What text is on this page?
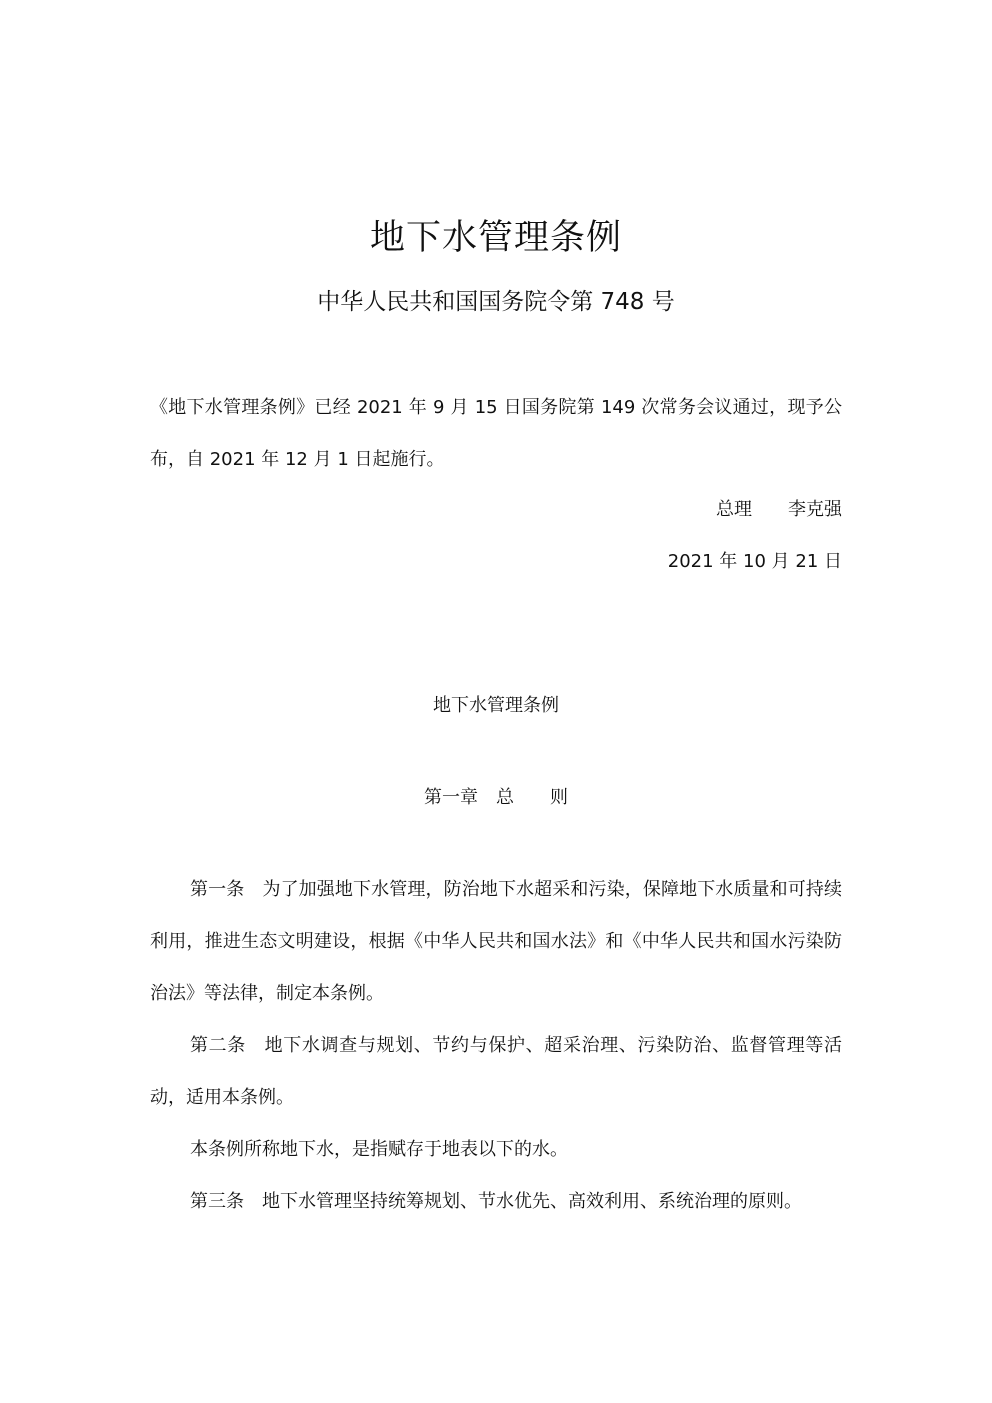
地下水管理条例
中华人民共和国国务院令第 748 号

《地下水管理条例》已经 2021 年 9 月 15 日国务院第 149 次常务会议通过，现予公布，自 2021 年 12 月 1 日起施行。

总理　　李克强
2021 年 10 月 21 日
地下水管理条例
第一章　总　　则

第一条　为了加强地下水管理，防治地下水超采和污染，保障地下水质量和可持续利用，推进生态文明建设，根据《中华人民共和国水法》和《中华人民共和国水污染防治法》等法律，制定本条例。

第二条　地下水调查与规划、节约与保护、超采治理、污染防治、监督管理等活动，适用本条例。

本条例所称地下水，是指赋存于地表以下的水。

第三条　地下水管理坚持统筹规划、节水优先、高效利用、系统治理的原则。
